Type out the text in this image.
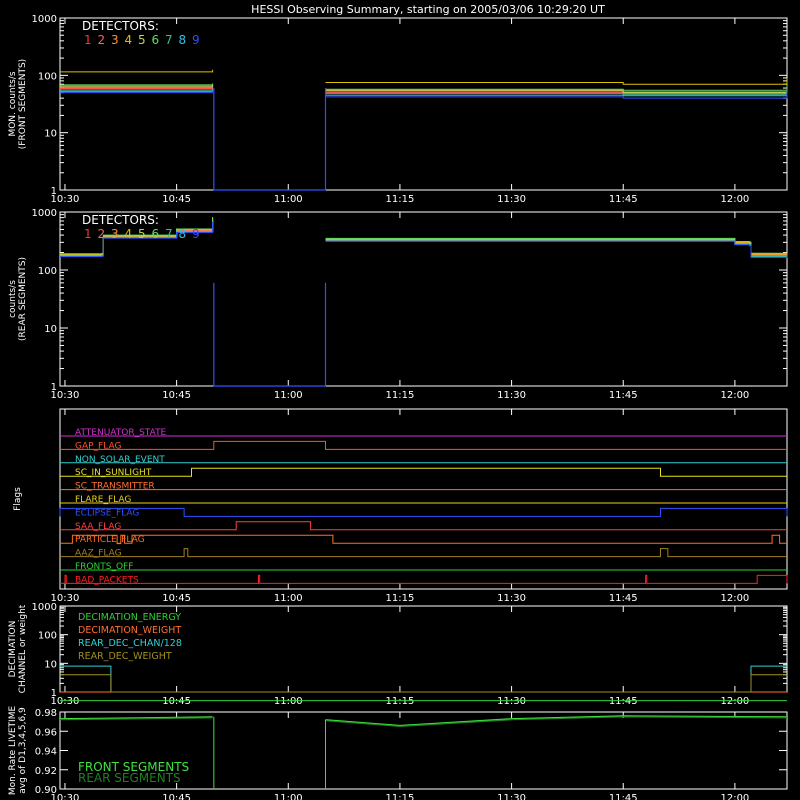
HESSI Observing Summary, starting on 2005/03/06 10:29:20 UT
10:30	10:45	11:00	11:15	11:30	11:45	12:00
MON. counts/s (FRONT SEGMENTS)
1
10
100
1000 DETECTORS:
1 2 3 4 5 6 7 8 9
10:30	10:45	11:00	11:15	11:30	11:45	12:00
counts/s (REAR SEGMENTS)
1
10
100
1000 DETECTORS:
1 2 3 4 5 6 7 8 9
10:30	10:45	11:00	11:15	11:30	11:45	12:00
Flags
ATTENUATOR_STATE
GAP_FLAG
NON_SOLAR_EVENT
SC_IN_SUNLIGHT
SC_TRANSMITTER
FLARE_FLAG
ECLIPSE_FLAG
SAA_FLAG
PARTICLE_FLAG
AAZ_FLAG
FRONTS_OFF
BAD_PACKETS
10:30	10:45	11:00	11:15	11:30	11:45	12:00
DECIMATION CHANNEL or weight
1
10
100
1000
DECIMATION_ENERGY
DECIMATION_WEIGHT
REAR_DEC_CHAN/128
REAR_DEC_WEIGHT
10:30	10:45	11:00	11:15	11:30	11:45	12:00
Mon. Rate LIVETIME avg of D1,3,4,5,6,9 0.90
0.92
0.94
0.96
0.98
FRONT SEGMENTS
REAR SEGMENTS
